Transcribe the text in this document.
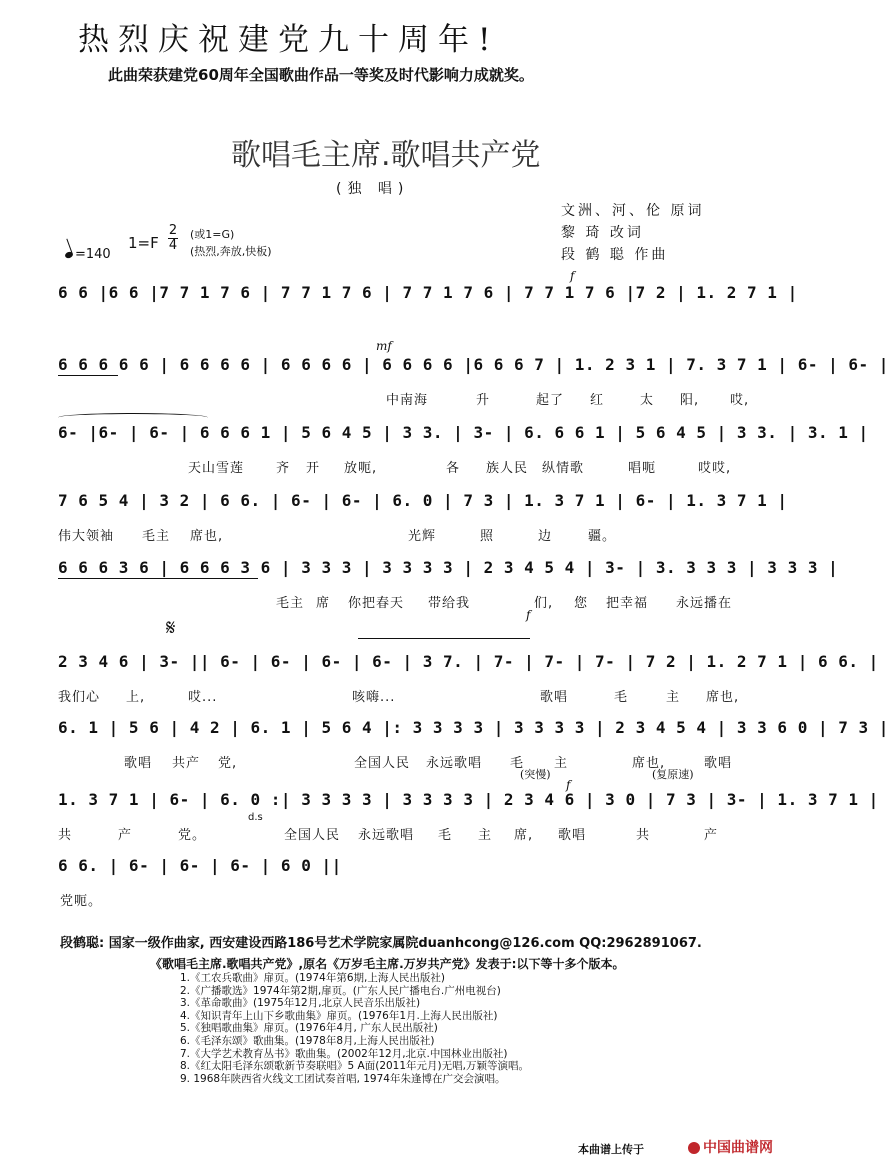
热烈庆祝建党九十周年!
此曲荣获建党60周年全国歌曲作品一等奖及时代影响力成就奖。
歌唱毛主席.歌唱共产党
(独 唱)
文洲、河、伦 原词
黎 琦 改词
段 鹤 聪 作曲
=140
1=F
2
4
(或1=G)
(热烈,奔放,快板)
6 6 |6 6 |7 7 1 7 6 | 7 7 1 7 6 | 7 7 1 7 6 | 7 7 1 7 6 |7 2 | 1. 2 7 1 |
f
6 6 6 6 6 | 6 6 6 6 | 6 6 6 6 | 6 6 6 6 |6 6 6 7 | 1. 2 3 1 | 7. 3 7 1 | 6- | 6- |
mf
中南海	升	起了 红	太 阳, 哎,
6- |6- | 6- | 6 6 6 1 | 5 6 4 5 | 3 3. | 3- | 6. 6 6 1 | 5 6 4 5 | 3 3. | 3. 1 |
天山雪莲 齐 开 放呃,	各 族人民 纵情歌	唱呃	哎哎,
7 6 5 4 | 3 2 | 6 6. | 6- | 6- | 6. 0 | 7 3 | 1. 3 7 1 | 6- | 1. 3 7 1 |
伟大领袖 毛主 席也,	光辉	照	边	疆。
6 6 6 3 6 | 6 6 6 3 6 | 3 3 3 | 3 3 3 3 | 2 3 4 5 4 | 3- | 3. 3 3 3 | 3 3 3 |
毛主 席 你把春天 带给我	们, 您 把幸福 永远播在
𝄋
f
2 3 4 6 | 3- || 6- | 6- | 6- | 6- | 3 7. | 7- | 7- | 7- | 7 2 | 1. 2 7 1 | 6 6. |
我们心 上,	哎...	咳嗨...	歌唱	毛	主 席也,
6. 1 | 5 6 | 4 2 | 6. 1 | 5 6 4 |: 3 3 3 3 | 3 3 3 3 | 2 3 4 5 4 | 3 3 6 0 | 7 3 |
歌唱 共产 党,	全国人民 永远歌唱 毛 主	席也,	歌唱
(突慢)
f
(复原速)
1. 3 7 1 | 6- | 6. 0 :| 3 3 3 3 | 3 3 3 3 | 2 3 4 6 | 3 0 | 7 3 | 3- | 1. 3 7 1 |
d.s
共	产	党。	全国人民 永远歌唱 毛 主 席, 歌唱	共	产
6 6. | 6- | 6- | 6- | 6 0 ||
党呃。
段鹤聪: 国家一级作曲家, 西安建设西路186号艺术学院家属院duanhcong@126.com QQ:2962891067.
《歌唱毛主席.歌唱共产党》,原名《万岁毛主席.万岁共产党》发表于:以下等十多个版本。
1.《工农兵歌曲》扉页。(1974年第6期,上海人民出版社)
2.《广播歌选》1974年第2期,扉页。(广东人民广播电台.广州电视台)
3.《革命歌曲》(1975年12月,北京人民音乐出版社)
4.《知识青年上山下乡歌曲集》扉页。(1976年1月.上海人民出版社)
5.《独唱歌曲集》扉页。(1976年4月, 广东人民出版社)
6.《毛泽东颂》歌曲集。(1978年8月,上海人民出版社)
7.《大学艺术教育丛书》歌曲集。(2002年12月,北京.中国林业出版社)
8.《红太阳毛泽东颂歌新节奏联唱》5 A面(2011年元月)无唱,万颖等演唱。
9. 1968年陕西省火线文工团试奏首唱, 1974年朱逢博在广交会演唱。
本曲谱上传于	中国曲谱网
